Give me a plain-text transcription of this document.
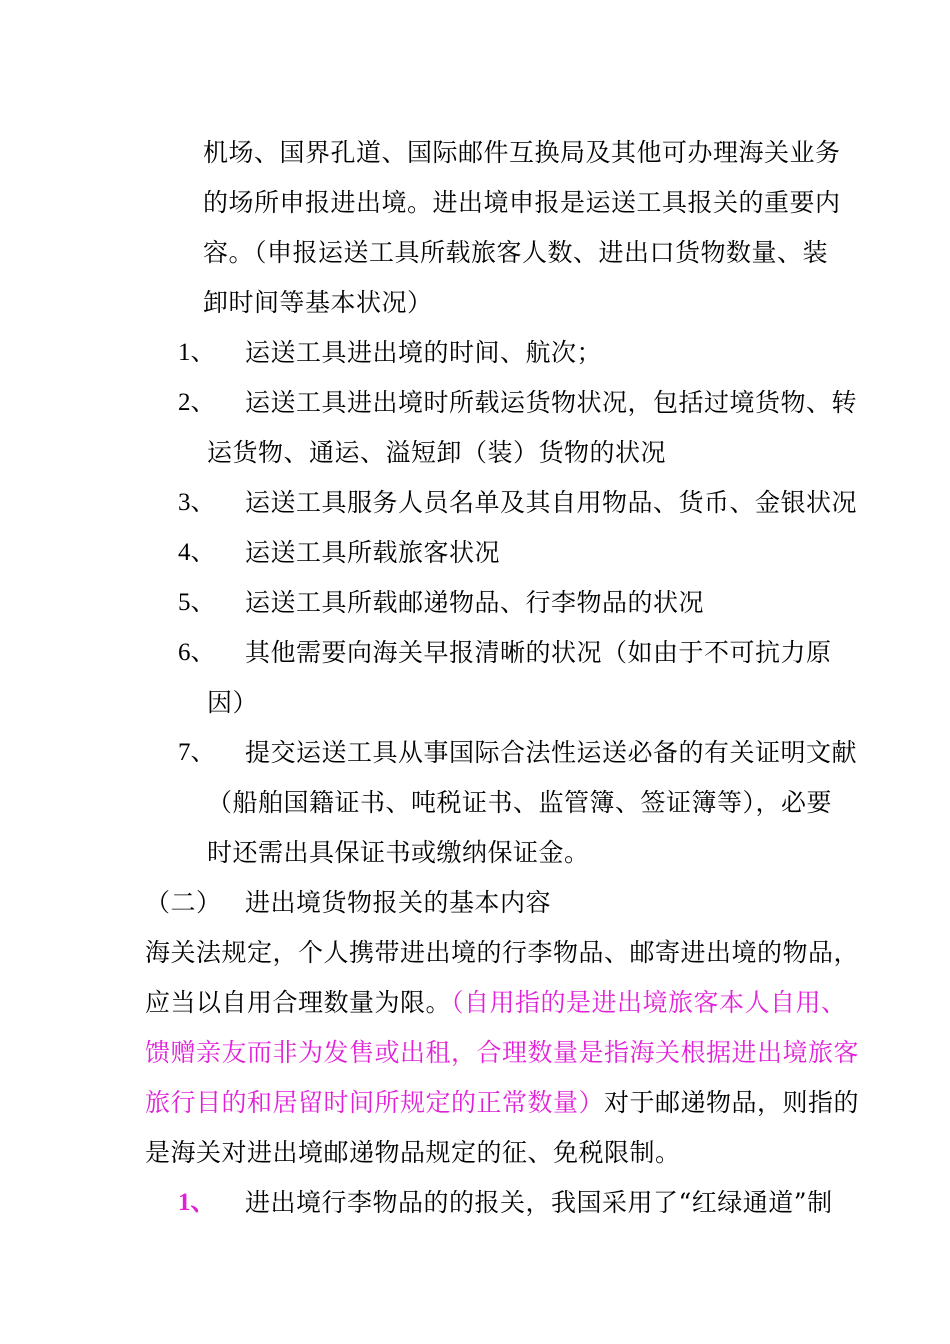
机场、国界孔道、国际邮件互换局及其他可办理海关业务
的场所申报进出境。进出境申报是运送工具报关的重要内
容。（申报运送工具所载旅客人数、进出口货物数量、装
卸时间等基本状况）
1、 运送工具进出境的时间、航次；
2、 运送工具进出境时所载运货物状况，包括过境货物、转
运货物、通运、溢短卸（装）货物的状况
3、 运送工具服务人员名单及其自用物品、货币、金银状况
4、 运送工具所载旅客状况
5、 运送工具所载邮递物品、行李物品的状况
6、 其他需要向海关早报清晰的状况（如由于不可抗力原
因）
7、 提交运送工具从事国际合法性运送必备的有关证明文献
（船舶国籍证书、吨税证书、监管簿、签证簿等），必要
时还需出具保证书或缴纳保证金。
（二） 进出境货物报关的基本内容
海关法规定，个人携带进出境的行李物品、邮寄进出境的物品，
应当以自用合理数量为限。（自用指的是进出境旅客本人自用、
馈赠亲友而非为发售或出租，合理数量是指海关根据进出境旅客
旅行目的和居留时间所规定的正常数量）对于邮递物品，则指的
是海关对进出境邮递物品规定的征、免税限制。
1、 进出境行李物品的的报关，我国采用了“红绿通道”制
